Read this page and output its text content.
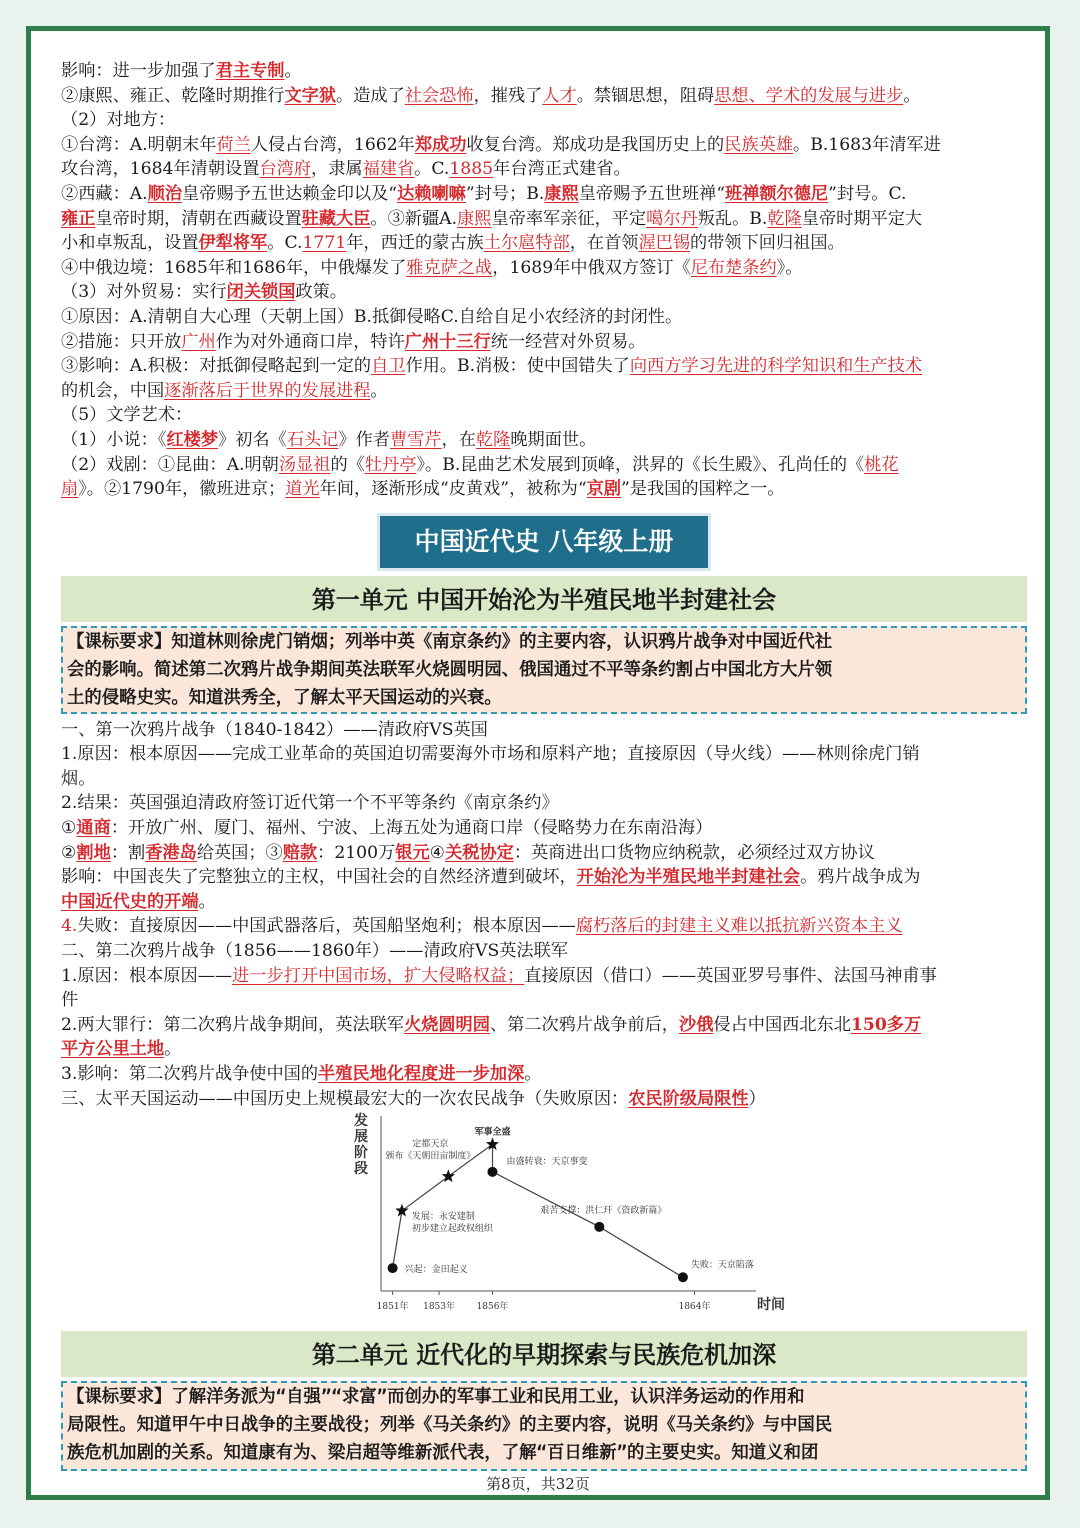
影响：进一步加强了君主专制。
②康熙、雍正、乾隆时期推行文字狱。造成了社会恐怖，摧残了人才。禁锢思想，阻碍思想、学术的发展与进步。
（2）对地方：
①台湾：A.明朝末年荷兰人侵占台湾，1662年郑成功收复台湾。郑成功是我国历史上的民族英雄。B.1683年清军进
攻台湾，1684年清朝设置台湾府，隶属福建省。C.1885年台湾正式建省。
②西藏：A.顺治皇帝赐予五世达赖金印以及“达赖喇嘛”封号；B.康熙皇帝赐予五世班禅“班禅额尔德尼”封号。C.
雍正皇帝时期，清朝在西藏设置驻藏大臣。③新疆A.康熙皇帝率军亲征，平定噶尔丹叛乱。B.乾隆皇帝时期平定大
小和卓叛乱，设置伊犁将军。C.1771年，西迁的蒙古族土尔扈特部，在首领渥巴锡的带领下回归祖国。
④中俄边境：1685年和1686年，中俄爆发了雅克萨之战，1689年中俄双方签订《尼布楚条约》。
（3）对外贸易：实行闭关锁国政策。
①原因：A.清朝自大心理（天朝上国）B.抵御侵略C.自给自足小农经济的封闭性。
②措施：只开放广州作为对外通商口岸，特许广州十三行统一经营对外贸易。
③影响：A.积极：对抵御侵略起到一定的自卫作用。B.消极：使中国错失了向西方学习先进的科学知识和生产技术
的机会，中国逐渐落后于世界的发展进程。
（5）文学艺术：
（1）小说：《红楼梦》初名《石头记》作者曹雪芹，在乾隆晚期面世。
（2）戏剧：①昆曲：A.明朝汤显祖的《牡丹亭》。B.昆曲艺术发展到顶峰，洪昇的《长生殿》、孔尚任的《桃花
扇》。②1790年，徽班进京；道光年间，逐渐形成“皮黄戏”，被称为“京剧”是我国的国粹之一。
中国近代史 八年级上册
第一单元 中国开始沦为半殖民地半封建社会
【课标要求】知道林则徐虎门销烟；列举中英《南京条约》的主要内容，认识鸦片战争对中国近代社
会的影响。简述第二次鸦片战争期间英法联军火烧圆明园、俄国通过不平等条约割占中国北方大片领
土的侵略史实。知道洪秀全，了解太平天国运动的兴衰。
一、第一次鸦片战争（1840-1842）——清政府VS英国
1.原因：根本原因——完成工业革命的英国迫切需要海外市场和原料产地；直接原因（导火线）——林则徐虎门销
烟。
2.结果：英国强迫清政府签订近代第一个不平等条约《南京条约》
①通商：开放广州、厦门、福州、宁波、上海五处为通商口岸（侵略势力在东南沿海）
②割地：割香港岛给英国；③赔款：2100万银元④关税协定：英商进出口货物应纳税款，必须经过双方协议
影响：中国丧失了完整独立的主权，中国社会的自然经济遭到破坏，开始沦为半殖民地半封建社会。鸦片战争成为
中国近代史的开端。
4.失败：直接原因——中国武器落后，英国船坚炮利；根本原因——腐朽落后的封建主义难以抵抗新兴资本主义
二、第二次鸦片战争（1856——1860年）——清政府VS英法联军
1.原因：根本原因——进一步打开中国市场，扩大侵略权益；直接原因（借口）——英国亚罗号事件、法国马神甫事
件
2.两大罪行：第二次鸦片战争期间，英法联军火烧圆明园、第二次鸦片战争前后，沙俄侵占中国西北东北150多万
平方公里土地。
3.影响：第二次鸦片战争使中国的半殖民地化程度进一步加深。
三、太平天国运动——中国历史上规模最宏大的一次农民战争（失败原因：农民阶级局限性）
发
展
阶
段
时间
1851年 1853年 1856年	1864年
兴起：金田起义
发展：永安建制
初步建立起政权组织
定都天京
颁布《天朝田亩制度》
军事全盛
由盛转衰：天京事变
艰苦支撑：洪仁玕《资政新篇》
失败：天京陷落
第二单元 近代化的早期探索与民族危机加深
【课标要求】了解洋务派为“自强”“求富”而创办的军事工业和民用工业，认识洋务运动的作用和
局限性。知道甲午中日战争的主要战役；列举《马关条约》的主要内容，说明《马关条约》与中国民
族危机加剧的关系。知道康有为、梁启超等维新派代表，了解“百日维新”的主要史实。知道义和团
第8页，共32页
